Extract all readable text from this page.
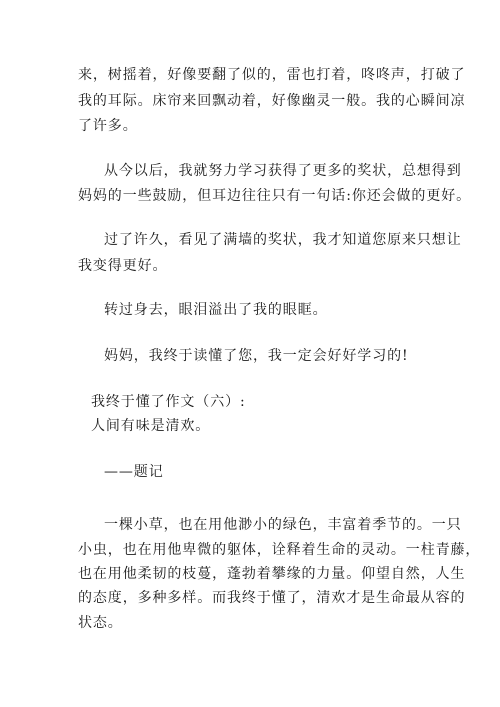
来，树摇着，好像要翻了似的，雷也打着，咚咚声，打破了
我的耳际。床帘来回飘动着，好像幽灵一般。我的心瞬间凉
了许多。
从今以后，我就努力学习获得了更多的奖状，总想得到
妈妈的一些鼓励，但耳边往往只有一句话:你还会做的更好。
过了许久，看见了满墙的奖状，我才知道您原来只想让
我变得更好。
转过身去，眼泪溢出了我的眼眶。
妈妈，我终于读懂了您，我一定会好好学习的!
我终于懂了作文（六）:
人间有味是清欢。
——题记
一棵小草，也在用他渺小的绿色，丰富着季节的。一只
小虫，也在用他卑微的躯体，诠释着生命的灵动。一柱青藤，
也在用他柔韧的枝蔓，蓬勃着攀缘的力量。仰望自然，人生
的态度，多种多样。而我终于懂了，清欢才是生命最从容的
状态。
